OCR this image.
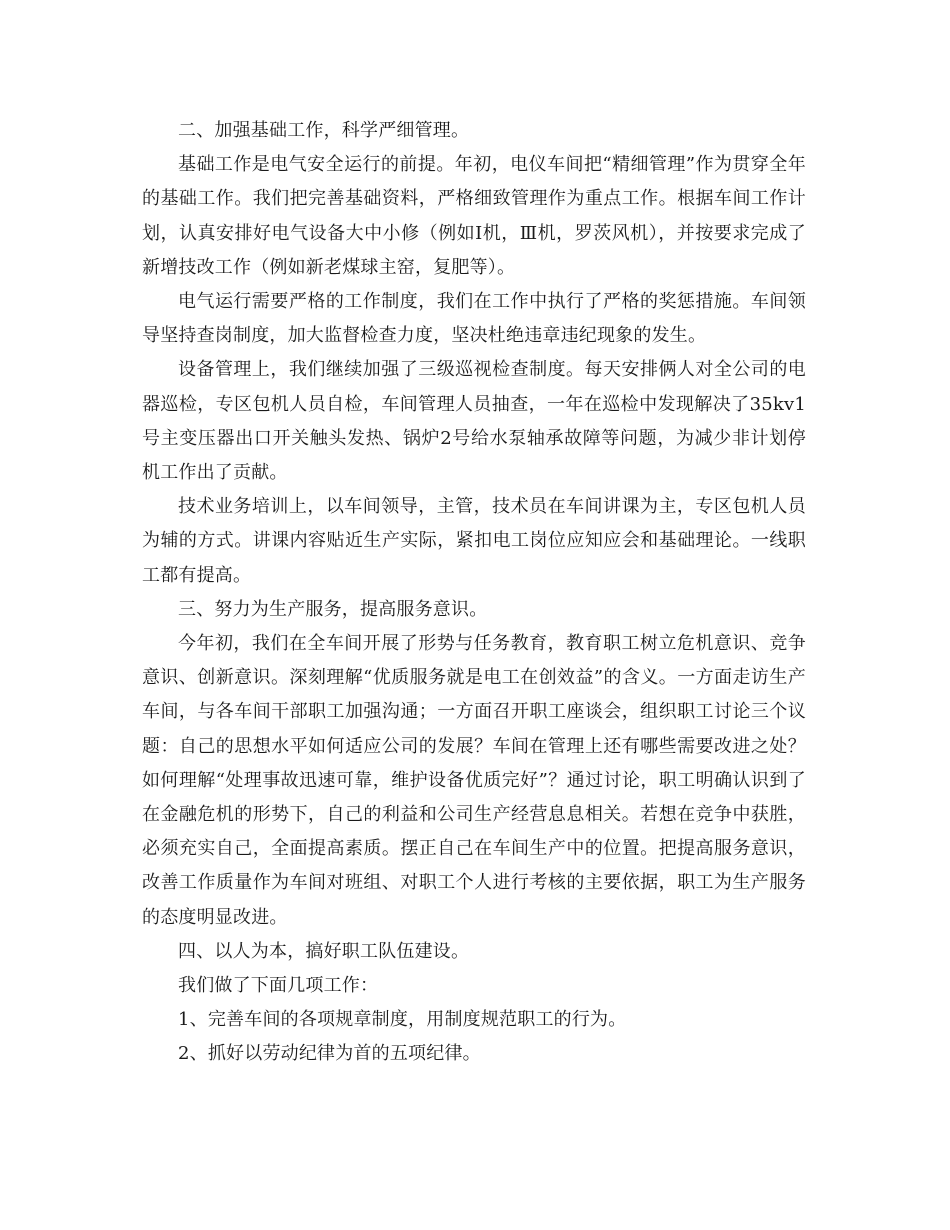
二、加强基础工作，科学严细管理。

基础工作是电气安全运行的前提。年初，电仪车间把“精细管理”作为贯穿全年的基础工作。我们把完善基础资料，严格细致管理作为重点工作。根据车间工作计划，认真安排好电气设备大中小修（例如Ⅰ机，Ⅲ机，罗茨风机），并按要求完成了新增技改工作（例如新老煤球主窑，复肥等）。

电气运行需要严格的工作制度，我们在工作中执行了严格的奖惩措施。车间领导坚持查岗制度，加大监督检查力度，坚决杜绝违章违纪现象的发生。

设备管理上，我们继续加强了三级巡视检查制度。每天安排俩人对全公司的电器巡检，专区包机人员自检，车间管理人员抽查，一年在巡检中发现解决了35kv1号主变压器出口开关触头发热、锅炉2号给水泵轴承故障等问题，为减少非计划停机工作出了贡献。

技术业务培训上，以车间领导，主管，技术员在车间讲课为主，专区包机人员为辅的方式。讲课内容贴近生产实际，紧扣电工岗位应知应会和基础理论。一线职工都有提高。

三、努力为生产服务，提高服务意识。

今年初，我们在全车间开展了形势与任务教育，教育职工树立危机意识、竞争意识、创新意识。深刻理解“优质服务就是电工在创效益”的含义。一方面走访生产车间，与各车间干部职工加强沟通；一方面召开职工座谈会，组织职工讨论三个议题：自己的思想水平如何适应公司的发展？车间在管理上还有哪些需要改进之处？如何理解“处理事故迅速可靠，维护设备优质完好”？通过讨论，职工明确认识到了在金融危机的形势下，自己的利益和公司生产经营息息相关。若想在竞争中获胜，必须充实自己，全面提高素质。摆正自己在车间生产中的位置。把提高服务意识，改善工作质量作为车间对班组、对职工个人进行考核的主要依据，职工为生产服务的态度明显改进。

四、以人为本，搞好职工队伍建设。

我们做了下面几项工作：

1、完善车间的各项规章制度，用制度规范职工的行为。

2、抓好以劳动纪律为首的五项纪律。
